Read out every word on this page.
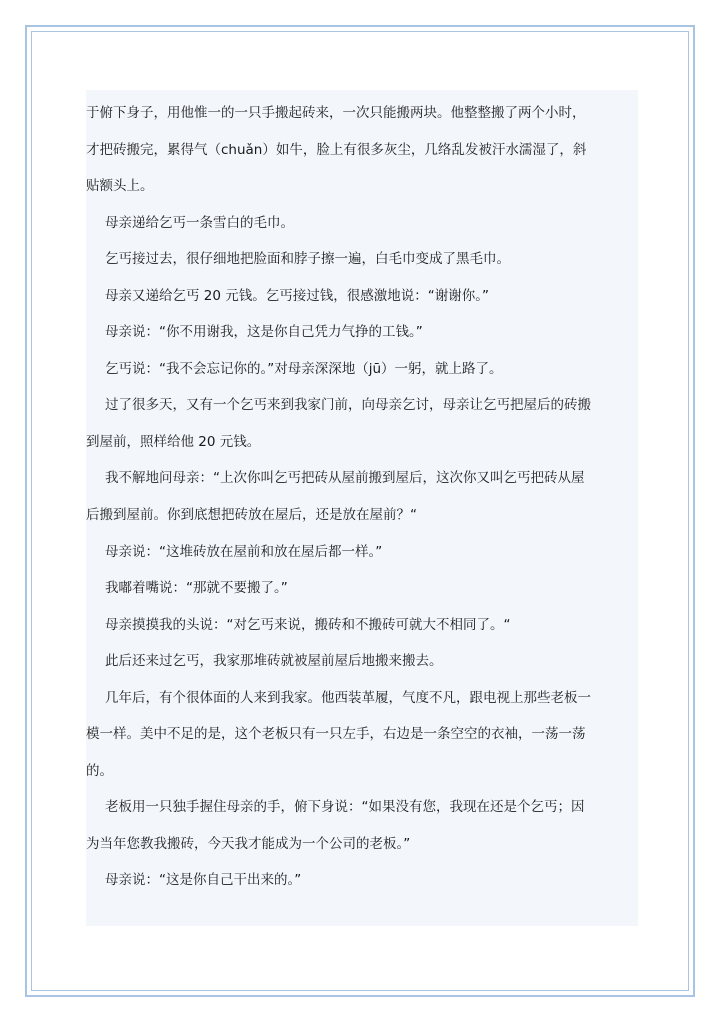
于俯下身子，用他惟一的一只手搬起砖来，一次只能搬两块。他整整搬了两个小时，
才把砖搬完，累得气（chuǎn）如牛，脸上有很多灰尘，几络乱发被汗水濡湿了，斜
贴额头上。
母亲递给乞丐一条雪白的毛巾。
乞丐接过去，很仔细地把脸面和脖子擦一遍，白毛巾变成了黑毛巾。
母亲又递给乞丐 20 元钱。乞丐接过钱，很感激地说：“谢谢你。”
母亲说：“你不用谢我，这是你自己凭力气挣的工钱。”
乞丐说：“我不会忘记你的。”对母亲深深地（jū）一躬，就上路了。
过了很多天，又有一个乞丐来到我家门前，向母亲乞讨，母亲让乞丐把屋后的砖搬
到屋前，照样给他 20 元钱。
我不解地问母亲：“上次你叫乞丐把砖从屋前搬到屋后，这次你又叫乞丐把砖从屋
后搬到屋前。你到底想把砖放在屋后，还是放在屋前？“
母亲说：“这堆砖放在屋前和放在屋后都一样。”
我嘟着嘴说：“那就不要搬了。”
母亲摸摸我的头说：“对乞丐来说，搬砖和不搬砖可就大不相同了。“
此后还来过乞丐，我家那堆砖就被屋前屋后地搬来搬去。
几年后，有个很体面的人来到我家。他西装革履，气度不凡，跟电视上那些老板一
模一样。美中不足的是，这个老板只有一只左手，右边是一条空空的衣袖，一荡一荡
的。
老板用一只独手握住母亲的手，俯下身说：“如果没有您，我现在还是个乞丐；因
为当年您教我搬砖，今天我才能成为一个公司的老板。”
母亲说：“这是你自己干出来的。”
